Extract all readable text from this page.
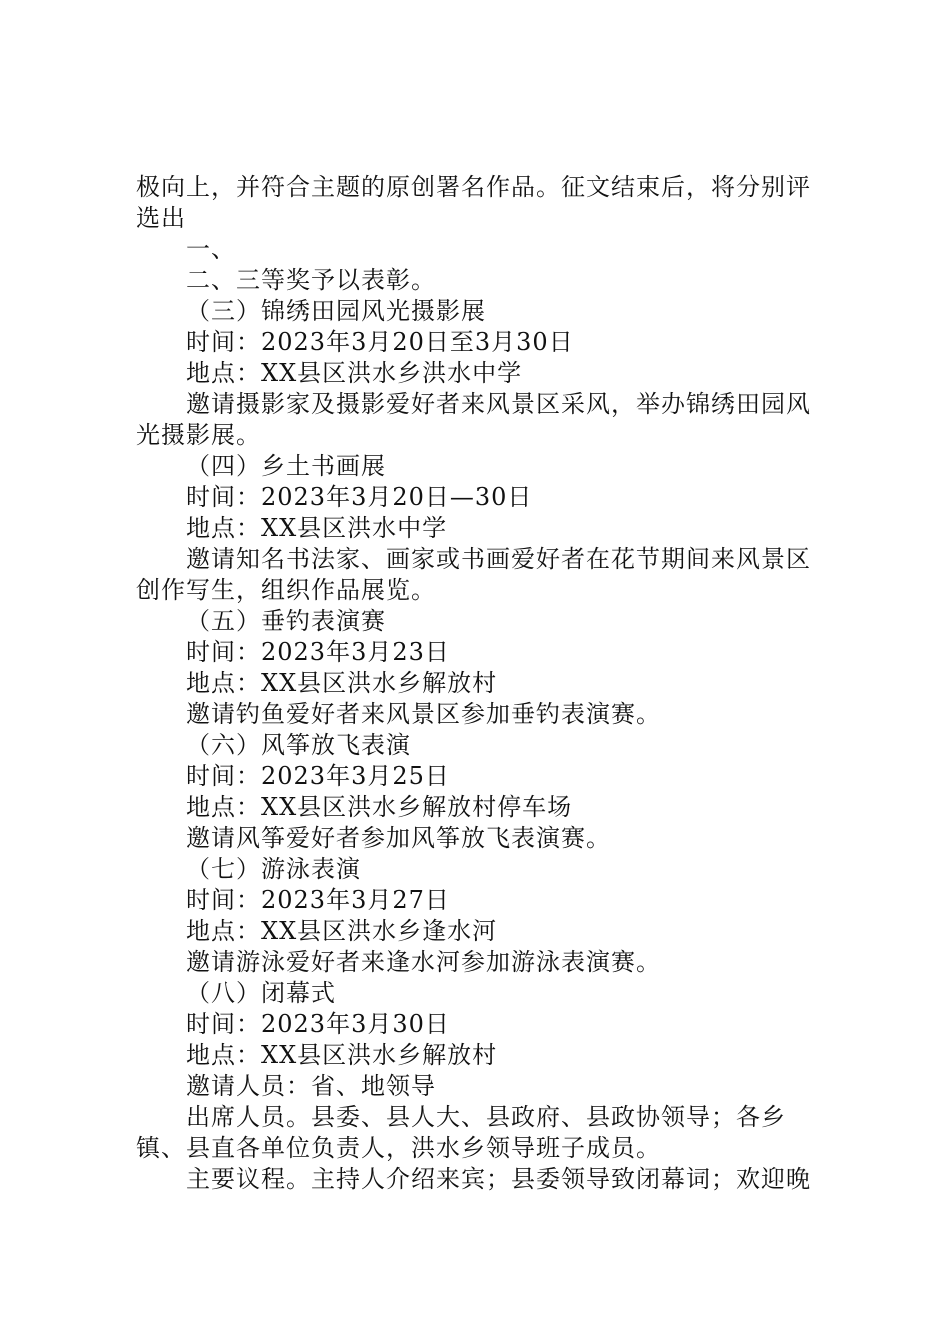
极向上，并符合主题的原创署名作品。征文结束后，将分别评选出

一、

二、三等奖予以表彰。

（三）锦绣田园风光摄影展

时间：2023年3月20日至3月30日

地点：XX县区洪水乡洪水中学

邀请摄影家及摄影爱好者来风景区采风，举办锦绣田园风光摄影展。

（四）乡土书画展

时间：2023年3月20日—30日

地点：XX县区洪水中学

邀请知名书法家、画家或书画爱好者在花节期间来风景区创作写生，组织作品展览。

（五）垂钓表演赛

时间：2023年3月23日

地点：XX县区洪水乡解放村

邀请钓鱼爱好者来风景区参加垂钓表演赛。

（六）风筝放飞表演

时间：2023年3月25日

地点：XX县区洪水乡解放村停车场

邀请风筝爱好者参加风筝放飞表演赛。

（七）游泳表演

时间：2023年3月27日

地点：XX县区洪水乡逢水河

邀请游泳爱好者来逢水河参加游泳表演赛。

（八）闭幕式

时间：2023年3月30日

地点：XX县区洪水乡解放村

邀请人员：省、地领导

出席人员。县委、县人大、县政府、县政协领导；各乡镇、县直各单位负责人，洪水乡领导班子成员。

主要议程。主持人介绍来宾；县委领导致闭幕词；欢迎晚
